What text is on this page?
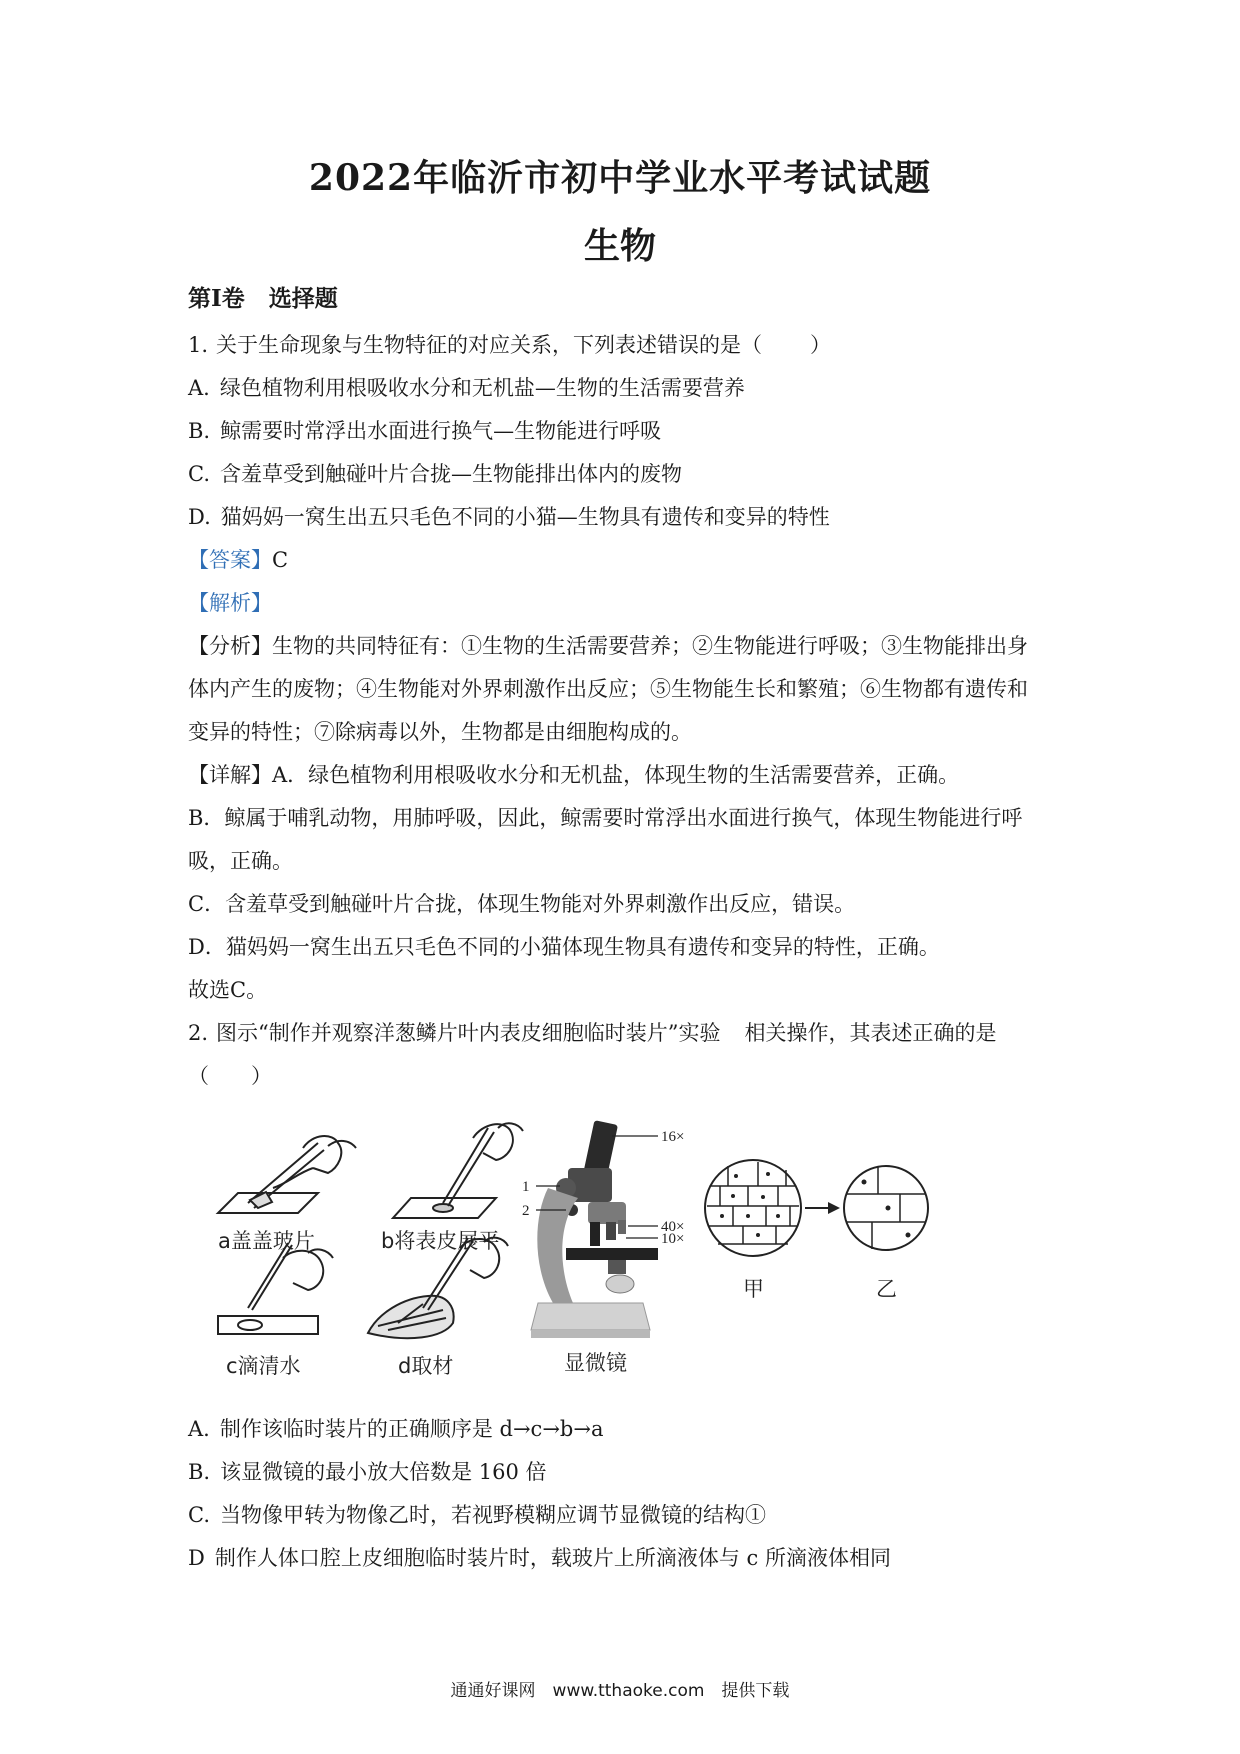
2022年临沂市初中学业水平考试试题
生物
第Ⅰ卷 选择题
1. 关于生命现象与生物特征的对应关系，下列表述错误的是（ ）
A. 绿色植物利用根吸收水分和无机盐—生物的生活需要营养
B. 鲸需要时常浮出水面进行换气—生物能进行呼吸
C. 含羞草受到触碰叶片合拢—生物能排出体内的废物
D. 猫妈妈一窝生出五只毛色不同的小猫—生物具有遗传和变异的特性
【答案】C
【解析】
【分析】生物的共同特征有：①生物的生活需要营养；②生物能进行呼吸；③生物能排出身
体内产生的废物；④生物能对外界刺激作出反应；⑤生物能生长和繁殖；⑥生物都有遗传和
变异的特性；⑦除病毒以外，生物都是由细胞构成的。
【详解】A．绿色植物利用根吸收水分和无机盐，体现生物的生活需要营养，正确。
B．鲸属于哺乳动物，用肺呼吸，因此，鲸需要时常浮出水面进行换气，体现生物能进行呼
吸，正确。
C．含羞草受到触碰叶片合拢，体现生物能对外界刺激作出反应，错误。
D．猫妈妈一窝生出五只毛色不同的小猫体现生物具有遗传和变异的特性，正确。
故选C。
2. 图示“制作并观察洋葱鳞片叶内表皮细胞临时装片”实验 相关操作，其表述正确的是
（　　）
a盖盖玻片	b将表皮展平
c滴清水	d取材
16×
1
2
40×
10×
显微镜
甲	乙
A. 制作该临时装片的正确顺序是 d→c→b→a
B. 该显微镜的最小放大倍数是 160 倍
C. 当物像甲转为物像乙时，若视野模糊应调节显微镜的结构①
D 制作人体口腔上皮细胞临时装片时，载玻片上所滴液体与 c 所滴液体相同
通通好课网　www.tthaoke.com　提供下载
